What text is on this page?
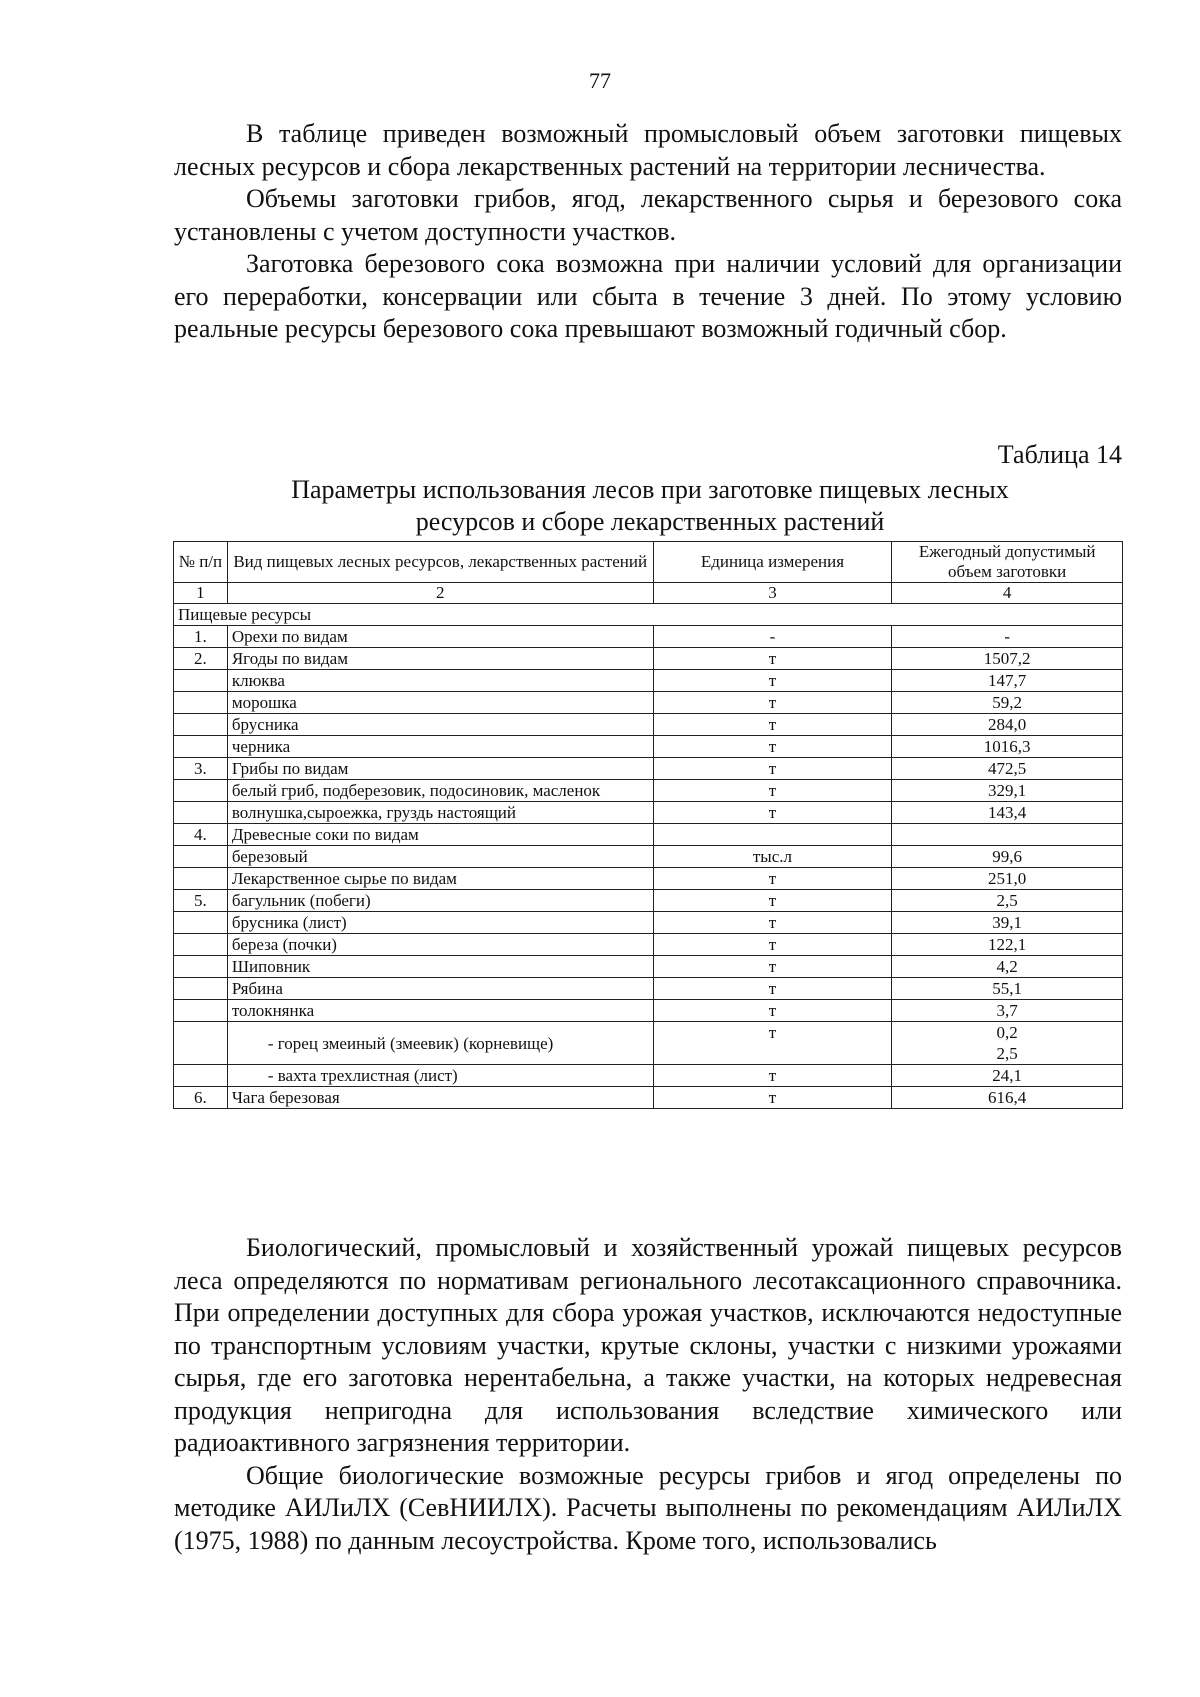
77

В таблице приведен возможный промысловый объем заготовки пищевых лесных ресурсов и сбора лекарственных растений на территории лесничества.

Объемы заготовки грибов, ягод, лекарственного сырья и березового сока установлены с учетом доступности участков.

Заготовка березового сока возможна при наличии условий для организации его переработки, консервации или сбыта в течение 3 дней. По этому условию реальные ресурсы березового сока превышают возможный годичный сбор.

Таблица 14
Параметры использования лесов при заготовке пищевых лесных ресурсов и сборе лекарственных растений
№ п/п	Вид пищевых лесных ресурсов, лекарственных растений	Единица измерения	Ежегодный допустимый объем заготовки
1	2	3	4
Пищевые ресурсы			
1.	Орехи по видам	-	-
2.	Ягоды по видам	т	1507,2
	клюква	т	147,7
	морошка	т	59,2
	брусника	т	284,0
	черника	т	1016,3
3.	Грибы по видам	т	472,5
	белый гриб, подберезовик, подосиновик, масленок	т	329,1
	волнушка,сыроежка, груздь настоящий	т	143,4
4.	Древесные соки по видам		
	березовый	тыс.л	99,6
	Лекарственное сырье по видам	т	251,0
5.	багульник (побеги)	т	2,5
	брусника (лист)	т	39,1
	береза (почки)	т	122,1
	Шиповник	т	4,2
	Рябина	т	55,1
	толокнянка	т	3,7
	- горец змеиный (змеевик) (корневище)	т	0,2
2,5

	- вахта трехлистная (лист)	т	24,1
6.	Чага березовая	т	616,4

Биологический, промысловый и хозяйственный урожай пищевых ресурсов леса определяются по нормативам регионального лесотаксационного справочника. При определении доступных для сбора урожая участков, исключаются недоступные по транспортным условиям участки, крутые склоны, участки с низкими урожаями сырья, где его заготовка нерентабельна, а также участки, на которых недревесная продукция непригодна для использования вследствие химического или радиоактивного загрязнения территории.

Общие биологические возможные ресурсы грибов и ягод определены по методике АИЛиЛХ (СевНИИЛХ). Расчеты выполнены по рекомендациям АИЛиЛХ (1975, 1988) по данным лесоустройства. Кроме того, использовались
